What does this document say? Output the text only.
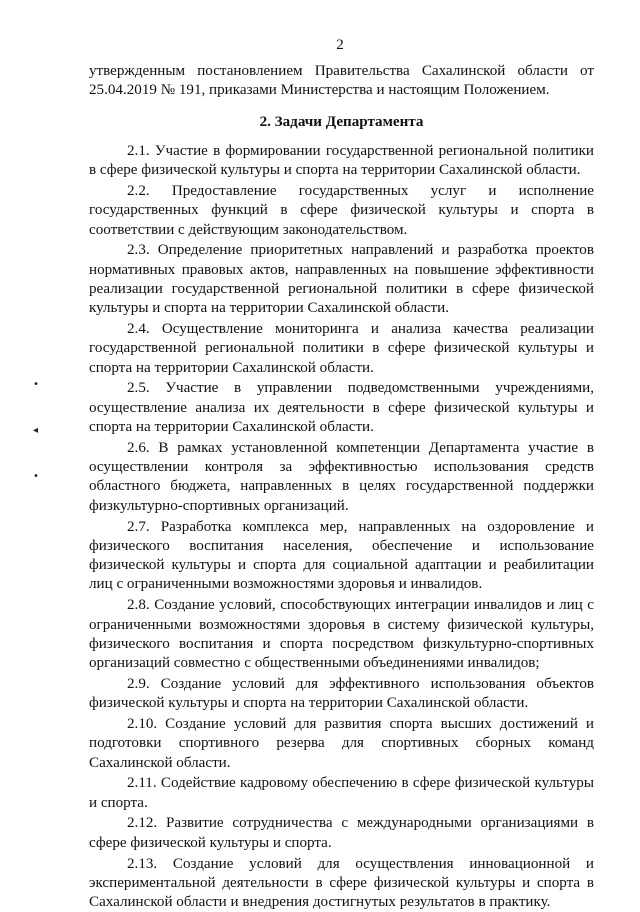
2
•
◂
•

утвержденным постановлением Правительства Сахалинской области от 25.04.2019 № 191, приказами Министерства и настоящим Положением.

2. Задачи Департамента

2.1. Участие в формировании государственной региональной политики в сфере физической культуры и спорта на территории Сахалинской области.

2.2. Предоставление государственных услуг и исполнение государственных функций в сфере физической культуры и спорта в соответствии с действующим законодательством.

2.3. Определение приоритетных направлений и разработка проектов нормативных правовых актов, направленных на повышение эффективности реализации государственной региональной политики в сфере физической культуры и спорта на территории Сахалинской области.

2.4. Осуществление мониторинга и анализа качества реализации государственной региональной политики в сфере физической культуры и спорта на территории Сахалинской области.

2.5. Участие в управлении подведомственными учреждениями, осуществление анализа их деятельности в сфере физической культуры и спорта на территории Сахалинской области.

2.6. В рамках установленной компетенции Департамента участие в осуществлении контроля за эффективностью использования средств областного бюджета, направленных в целях государственной поддержки физкультурно-спортивных организаций.

2.7. Разработка комплекса мер, направленных на оздоровление и физического воспитания населения, обеспечение и использование физической культуры и спорта для социальной адаптации и реабилитации лиц с ограниченными возможностями здоровья и инвалидов.

2.8. Создание условий, способствующих интеграции инвалидов и лиц с ограниченными возможностями здоровья в систему физической культуры, физического воспитания и спорта посредством физкультурно-спортивных организаций совместно с общественными объединениями инвалидов;

2.9. Создание условий для эффективного использования объектов физической культуры и спорта на территории Сахалинской области.

2.10. Создание условий для развития спорта высших достижений и подготовки спортивного резерва для спортивных сборных команд Сахалинской области.

2.11. Содействие кадровому обеспечению в сфере физической культуры и спорта.

2.12. Развитие сотрудничества с международными организациями в сфере физической культуры и спорта.

2.13. Создание условий для осуществления инновационной и экспериментальной деятельности в сфере физической культуры и спорта в Сахалинской области и внедрения достигнутых результатов в практику.
